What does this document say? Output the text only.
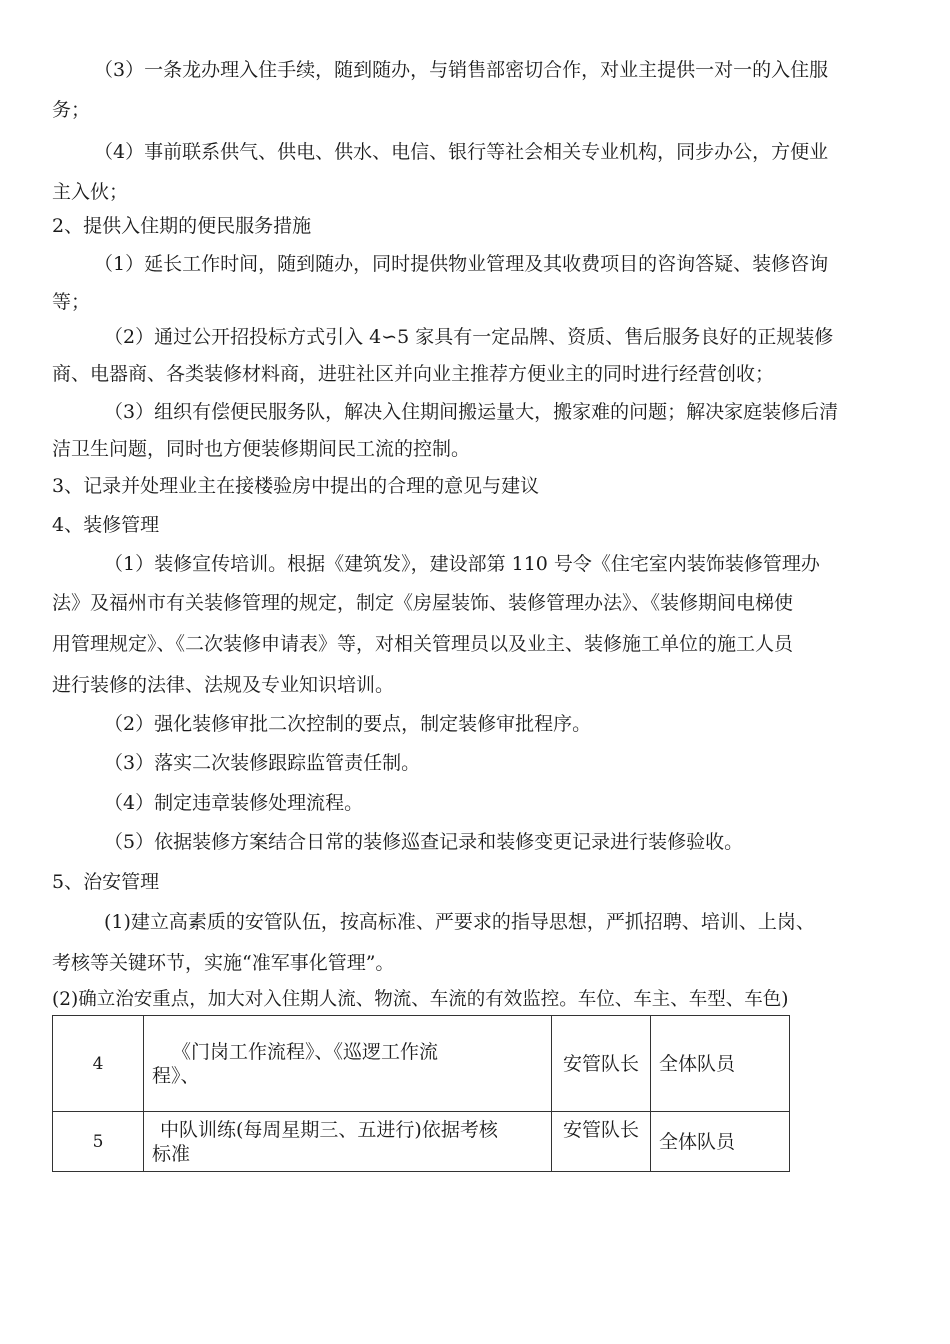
（3）一条龙办理入住手续，随到随办，与销售部密切合作，对业主提供一对一的入住服
务；
（4）事前联系供气、供电、供水、电信、银行等社会相关专业机构，同步办公，方便业
主入伙；
2、提供入住期的便民服务措施
（1）延长工作时间，随到随办，同时提供物业管理及其收费项目的咨询答疑、装修咨询
等；
（2）通过公开招投标方式引入 4∽5 家具有一定品牌、资质、售后服务良好的正规装修
商、电器商、各类装修材料商，进驻社区并向业主推荐方便业主的同时进行经营创收；
（3）组织有偿便民服务队，解决入住期间搬运量大，搬家难的问题；解决家庭装修后清
洁卫生问题，同时也方便装修期间民工流的控制。
3、记录并处理业主在接楼验房中提出的合理的意见与建议
4、装修管理
（1）装修宣传培训。根据《建筑发》，建设部第 110 号令《住宅室内装饰装修管理办
法》及福州市有关装修管理的规定，制定《房屋装饰、装修管理办法》、《装修期间电梯使
用管理规定》、《二次装修申请表》等，对相关管理员以及业主、装修施工单位的施工人员
进行装修的法律、法规及专业知识培训。
（2）强化装修审批二次控制的要点，制定装修审批程序。
（3）落实二次装修跟踪监管责任制。
（4）制定违章装修处理流程。
（5）依据装修方案结合日常的装修巡查记录和装修变更记录进行装修验收。
5、治安管理
(1)建立高素质的安管队伍，按高标准、严要求的指导思想，严抓招聘、培训、上岗、
考核等关键环节，实施“准军事化管理”。
(2)确立治安重点，加大对入住期人流、物流、车流的有效监控。车位、车主、车型、车色)
4	《门岗工作流程》、《巡逻工作流
程》、	安管队长	全体队员
5	中队训练(每周星期三、五进行)依据考核
标准	安管队长	全体队员
